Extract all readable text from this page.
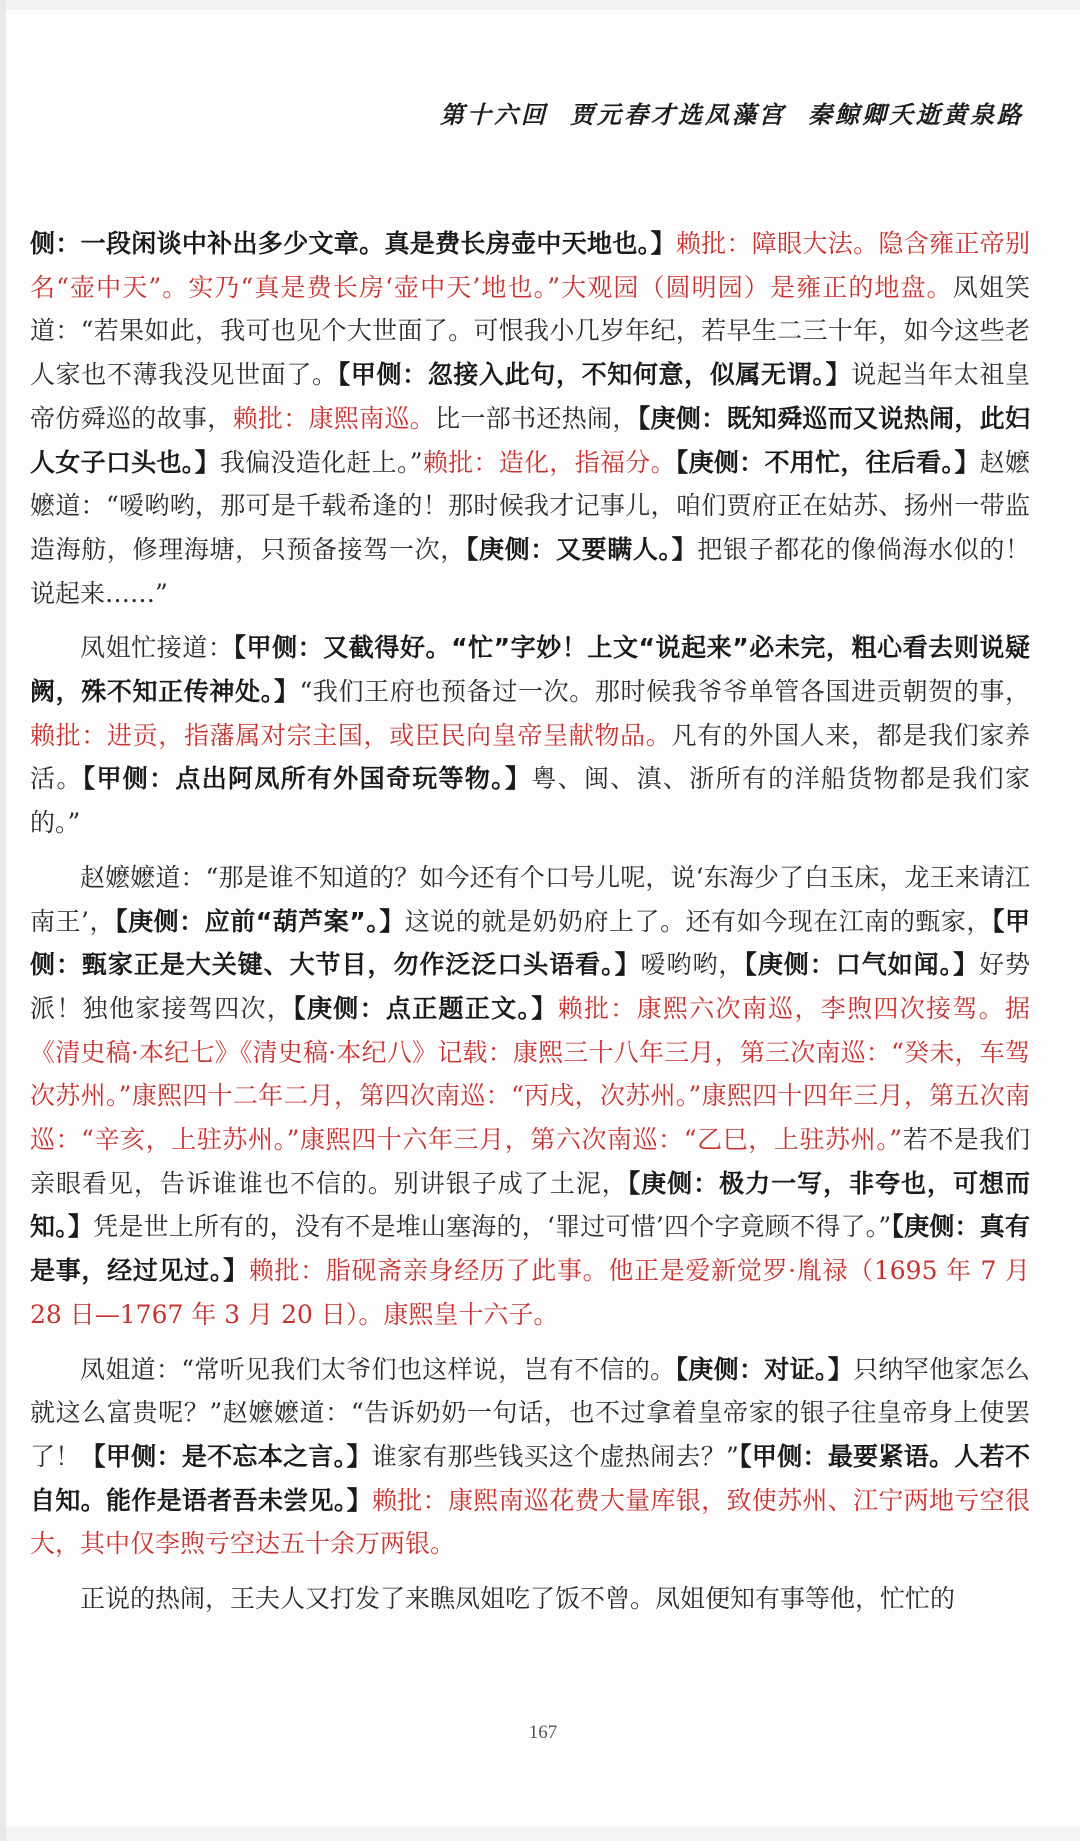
第十六回 贾元春才选凤藻宫 秦鲸卿夭逝黄泉路

侧：一段闲谈中补出多少文章。真是费长房壶中天地也。】赖批：障眼大法。隐含雍正帝别名“壶中天”。实乃“真是费长房‘壶中天’地也。”大观园（圆明园）是雍正的地盘。凤姐笑道：“若果如此，我可也见个大世面了。可恨我小几岁年纪，若早生二三十年，如今这些老人家也不薄我没见世面了。【甲侧：忽接入此句，不知何意，似属无谓。】说起当年太祖皇帝仿舜巡的故事，赖批：康熙南巡。比一部书还热闹，【庚侧：既知舜巡而又说热闹，此妇人女子口头也。】我偏没造化赶上。”赖批：造化，指福分。【庚侧：不用忙，往后看。】赵嬷嬷道：“嗳哟哟，那可是千载希逢的！那时候我才记事儿，咱们贾府正在姑苏、扬州一带监造海舫，修理海塘，只预备接驾一次，【庚侧：又要瞒人。】把银子都花的像倘海水似的！说起来……”

凤姐忙接道：【甲侧：又截得好。“忙”字妙！上文“说起来”必未完，粗心看去则说疑阙，殊不知正传神处。】“我们王府也预备过一次。那时候我爷爷单管各国进贡朝贺的事，赖批：进贡，指藩属对宗主国，或臣民向皇帝呈献物品。凡有的外国人来，都是我们家养活。【甲侧：点出阿凤所有外国奇玩等物。】粤、闽、滇、浙所有的洋船货物都是我们家的。”

赵嬷嬷道：“那是谁不知道的？如今还有个口号儿呢，说‘东海少了白玉床，龙王来请江南王’，【庚侧：应前“葫芦案”。】这说的就是奶奶府上了。还有如今现在江南的甄家，【甲侧：甄家正是大关键、大节目，勿作泛泛口头语看。】嗳哟哟，【庚侧：口气如闻。】好势派！独他家接驾四次，【庚侧：点正题正文。】赖批：康熙六次南巡，李煦四次接驾。据《清史稿·本纪七》《清史稿·本纪八》记载：康熙三十八年三月，第三次南巡：“癸未，车驾次苏州。”康熙四十二年二月，第四次南巡：“丙戌，次苏州。”康熙四十四年三月，第五次南巡：“辛亥，上驻苏州。”康熙四十六年三月，第六次南巡：“乙巳，上驻苏州。”若不是我们亲眼看见，告诉谁谁也不信的。别讲银子成了土泥，【庚侧：极力一写，非夸也，可想而知。】凭是世上所有的，没有不是堆山塞海的，‘罪过可惜’四个字竟顾不得了。”【庚侧：真有是事，经过见过。】赖批：脂砚斋亲身经历了此事。他正是爱新觉罗·胤禄（1695 年 7 月 28 日—1767 年 3 月 20 日）。康熙皇十六子。

凤姐道：“常听见我们太爷们也这样说，岂有不信的。【庚侧：对证。】只纳罕他家怎么就这么富贵呢？”赵嬷嬷道：“告诉奶奶一句话，也不过拿着皇帝家的银子往皇帝身上使罢了！【甲侧：是不忘本之言。】谁家有那些钱买这个虚热闹去？”【甲侧：最要紧语。人若不自知。能作是语者吾未尝见。】赖批：康熙南巡花费大量库银，致使苏州、江宁两地亏空很大，其中仅李煦亏空达五十余万两银。

正说的热闹，王夫人又打发了来瞧凤姐吃了饭不曾。凤姐便知有事等他，忙忙的

167
